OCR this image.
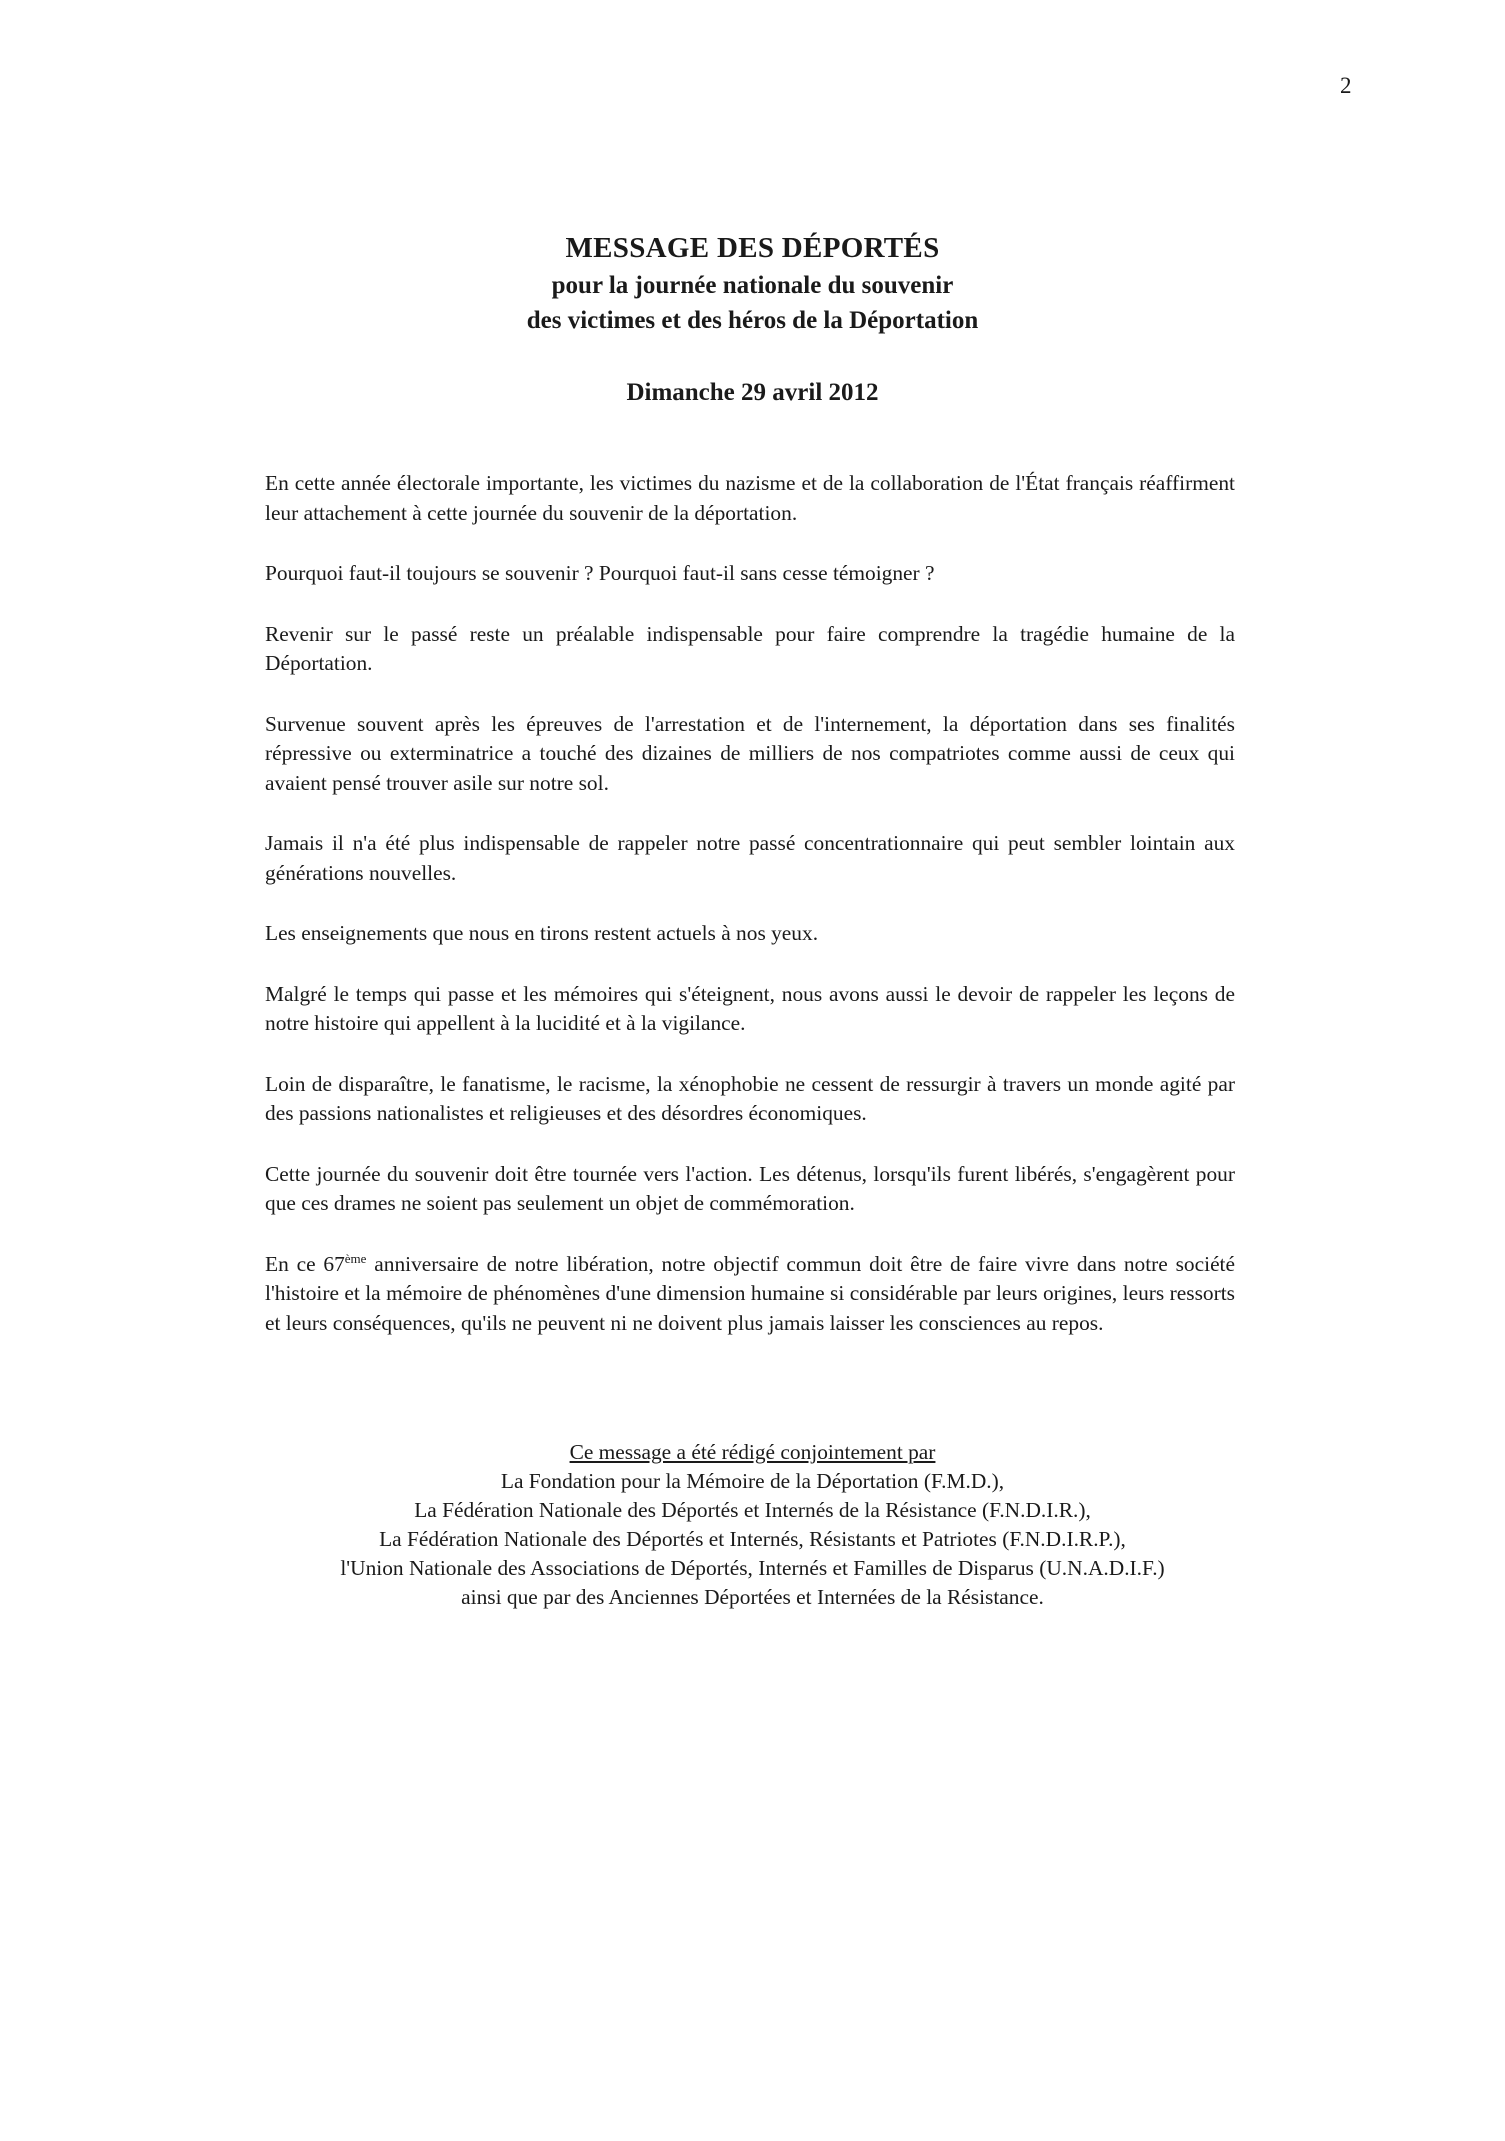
2
MESSAGE DES DÉPORTÉS
pour la journée nationale du souvenir
des victimes et des héros de la Déportation
Dimanche 29 avril 2012

En cette année électorale importante, les victimes du nazisme et de la collaboration de l'État français réaffirment leur attachement à cette journée du souvenir de la déportation.

Pourquoi faut-il toujours se souvenir ? Pourquoi faut-il sans cesse témoigner ?

Revenir sur le passé reste un préalable indispensable pour faire comprendre la tragédie humaine de la Déportation.

Survenue souvent après les épreuves de l'arrestation et de l'internement, la déportation dans ses finalités répressive ou exterminatrice a touché des dizaines de milliers de nos compatriotes comme aussi de ceux qui avaient pensé trouver asile sur notre sol.

Jamais il n'a été plus indispensable de rappeler notre passé concentrationnaire qui peut sembler lointain aux générations nouvelles.

Les enseignements que nous en tirons restent actuels à nos yeux.

Malgré le temps qui passe et les mémoires qui s'éteignent, nous avons aussi le devoir de rappeler les leçons de notre histoire qui appellent à la lucidité et à la vigilance.

Loin de disparaître, le fanatisme, le racisme, la xénophobie ne cessent de ressurgir à travers un monde agité par des passions nationalistes et religieuses et des désordres économiques.

Cette journée du souvenir doit être tournée vers l'action. Les détenus, lorsqu'ils furent libérés, s'engagèrent pour que ces drames ne soient pas seulement un objet de commémoration.

En ce 67ème anniversaire de notre libération, notre objectif commun doit être de faire vivre dans notre société l'histoire et la mémoire de phénomènes d'une dimension humaine si considérable par leurs origines, leurs ressorts et leurs conséquences, qu'ils ne peuvent ni ne doivent plus jamais laisser les consciences au repos.

Ce message a été rédigé conjointement par
La Fondation pour la Mémoire de la Déportation (F.M.D.),
La Fédération Nationale des Déportés et Internés de la Résistance (F.N.D.I.R.),
La Fédération Nationale des Déportés et Internés, Résistants et Patriotes (F.N.D.I.R.P.),
l'Union Nationale des Associations de Déportés, Internés et Familles de Disparus (U.N.A.D.I.F.)
ainsi que par des Anciennes Déportées et Internées de la Résistance.
